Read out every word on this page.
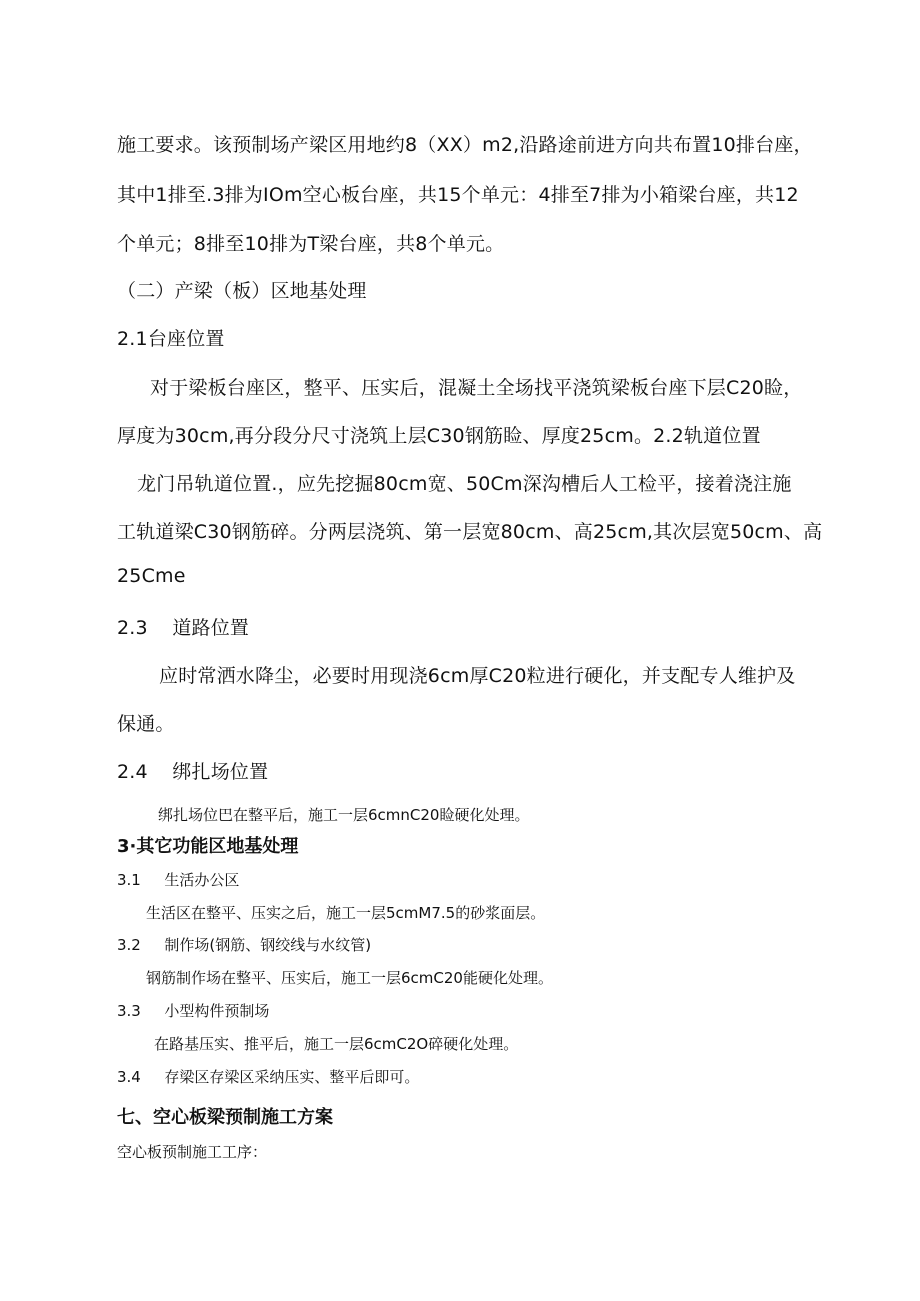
施工要求。该预制场产梁区用地约8（XX）m2,沿路途前进方向共布置10排台座，

其中1排至.3排为IOm空心板台座，共15个单元：4排至7排为小箱梁台座，共12

个单元；8排至10排为T梁台座，共8个单元。

（二）产梁（板）区地基处理

2.1台座位置

对于梁板台座区，整平、压实后，混凝土全场找平浇筑梁板台座下层C20睑，

厚度为30cm,再分段分尺寸浇筑上层C30钢筋睑、厚度25cm。2.2轨道位置

龙门吊轨道位置.，应先挖掘80cm宽、50Cm深沟槽后人工检平，接着浇注施

工轨道梁C30钢筋碎。分两层浇筑、第一层宽80cm、高25cm,其次层宽50cm、高

25Cme

2.3 道路位置

应时常洒水降尘，必要时用现浇6cm厚C20粒进行硬化，并支配专人维护及

保通。

2.4 绑扎场位置

绑扎场位巴在整平后，施工一层6cmnC20睑硬化处理。

3·其它功能区地基处理

3.1 生活办公区

生活区在整平、压实之后，施工一层5cmM7.5的砂浆面层。

3.2 制作场(钢筋、钢绞线与水纹管)

钢筋制作场在整平、压实后，施工一层6cmC20能硬化处理。

3.3 小型构件预制场

在路基压实、推平后，施工一层6cmC2O碎硬化处理。

3.4 存梁区存梁区采纳压实、整平后即可。

七、空心板梁预制施工方案

空心板预制施工工序：
